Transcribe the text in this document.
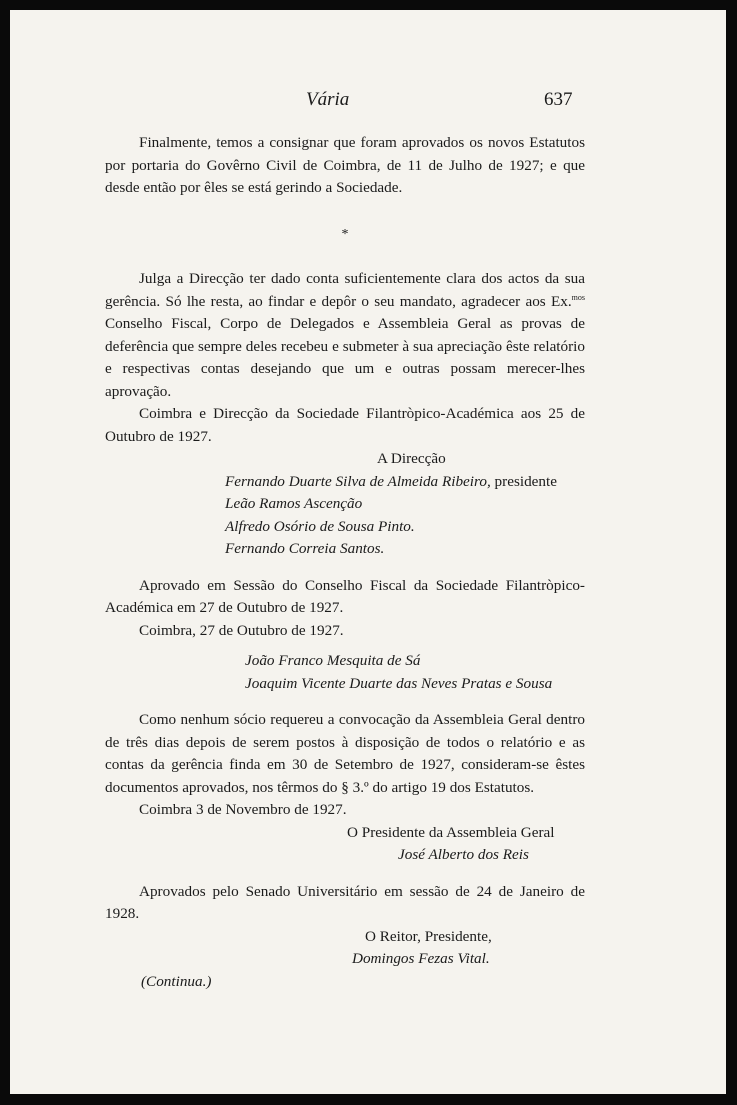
Vária	637

Finalmente, temos a consignar que foram aprovados os novos Estatutos por portaria do Govêrno Civil de Coimbra, de 11 de Julho de 1927; e que desde então por êles se está gerindo a Sociedade.

*

Julga a Direcção ter dado conta suficientemente clara dos actos da sua gerência. Só lhe resta, ao findar e depôr o seu mandato, agradecer aos Ex.$^{mos}$ Conselho Fiscal, Corpo de Delegados e Assembleia Geral as provas de deferência que sempre deles recebeu e submeter à sua apreciação êste relatório e respectivas contas desejando que um e outras possam merecer-lhes aprovação.

Coimbra e Direcção da Sociedade Filantròpico-Académica aos 25 de Outubro de 1927.

A Direcção

Fernando Duarte Silva de Almeida Ribeiro, presidente

Leão Ramos Ascenção

Alfredo Osório de Sousa Pinto.

Fernando Correia Santos.

Aprovado em Sessão do Conselho Fiscal da Sociedade Filantròpico-Académica em 27 de Outubro de 1927.

Coimbra, 27 de Outubro de 1927.

João Franco Mesquita de Sá

Joaquim Vicente Duarte das Neves Pratas e Sousa

Como nenhum sócio requereu a convocação da Assembleia Geral dentro de três dias depois de serem postos à disposição de todos o relatório e as contas da gerência finda em 30 de Setembro de 1927, consideram-se êstes documentos aprovados, nos têrmos do § 3.º do artigo 19 dos Estatutos.

Coimbra 3 de Novembro de 1927.

O Presidente da Assembleia Geral

José Alberto dos Reis

Aprovados pelo Senado Universitário em sessão de 24 de Janeiro de 1928.

O Reitor, Presidente,

Domingos Fezas Vital.

(Continua.)
